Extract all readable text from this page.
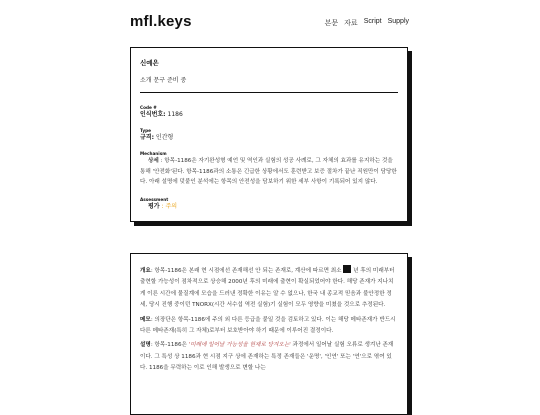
mfl.keys	본문 자료 Script Supply
신예은
소개 문구 준비 중
Code #
인식번호: 1186
Type
규격: 인간형
Mechanism
상세 : 항목-1186은 자기완성형 예언 및 역인과 실험의 성공 사례로, 그 자체의 효과를 유지하는 것을 통해 '안전화'된다. 항목-1186과의 소통은 긴급한 상황에서도 훈련받고 보증 절차가 끝난 직원만이 담당한다. 아래 설명에 덧붙인 분석에는 항목의 안전성을 담보하기 위한 세부 사항이 기록되어 있지 않다.
Assessment
평가 : 주의
개요: 항목-1186은 본래 현 시점에선 존재해선 안 되는 존재로, 계산에 따르면 최소 년 후의 미래부터 출현할 가능성이 점차적으로 상승해 2000년 후의 미래에 출현이 확실되었어야 한다. 해당 존재가 지나치게 이른 시간에 물질계에 모습을 드러낸 정확한 이유는 알 수 없으나, 한국 내 종교적 믿음과 불안정한 정세, 당시 진행 중이던 TNORX(시간 서수섭 역전 실험)기 실험이 모두 영향을 미쳤을 것으로 추정된다.
메모: 의장단은 항목-1186에 주의 외 다른 등급을 붙일 것을 검토하고 있다. 이는 해당 메타존재가 반드시 다른 메타존재(특히 그 자체)로부터 보호받아야 하기 때문에 이루어진 결정이다.
설명: 항목-1186은 '미래에 일어날 가능성을 현재로 당겨오는' 과정에서 일어날 실험 오류로 생겨난 존재이다. 그 특성 상 1186과 현 시점 지구 상에 존재하는 특정 존재들은 '운명', '인연' 또는 '연'으로 엮여 있다. 1186을 무력하는 이로 인해 발생으로 변할 나는
